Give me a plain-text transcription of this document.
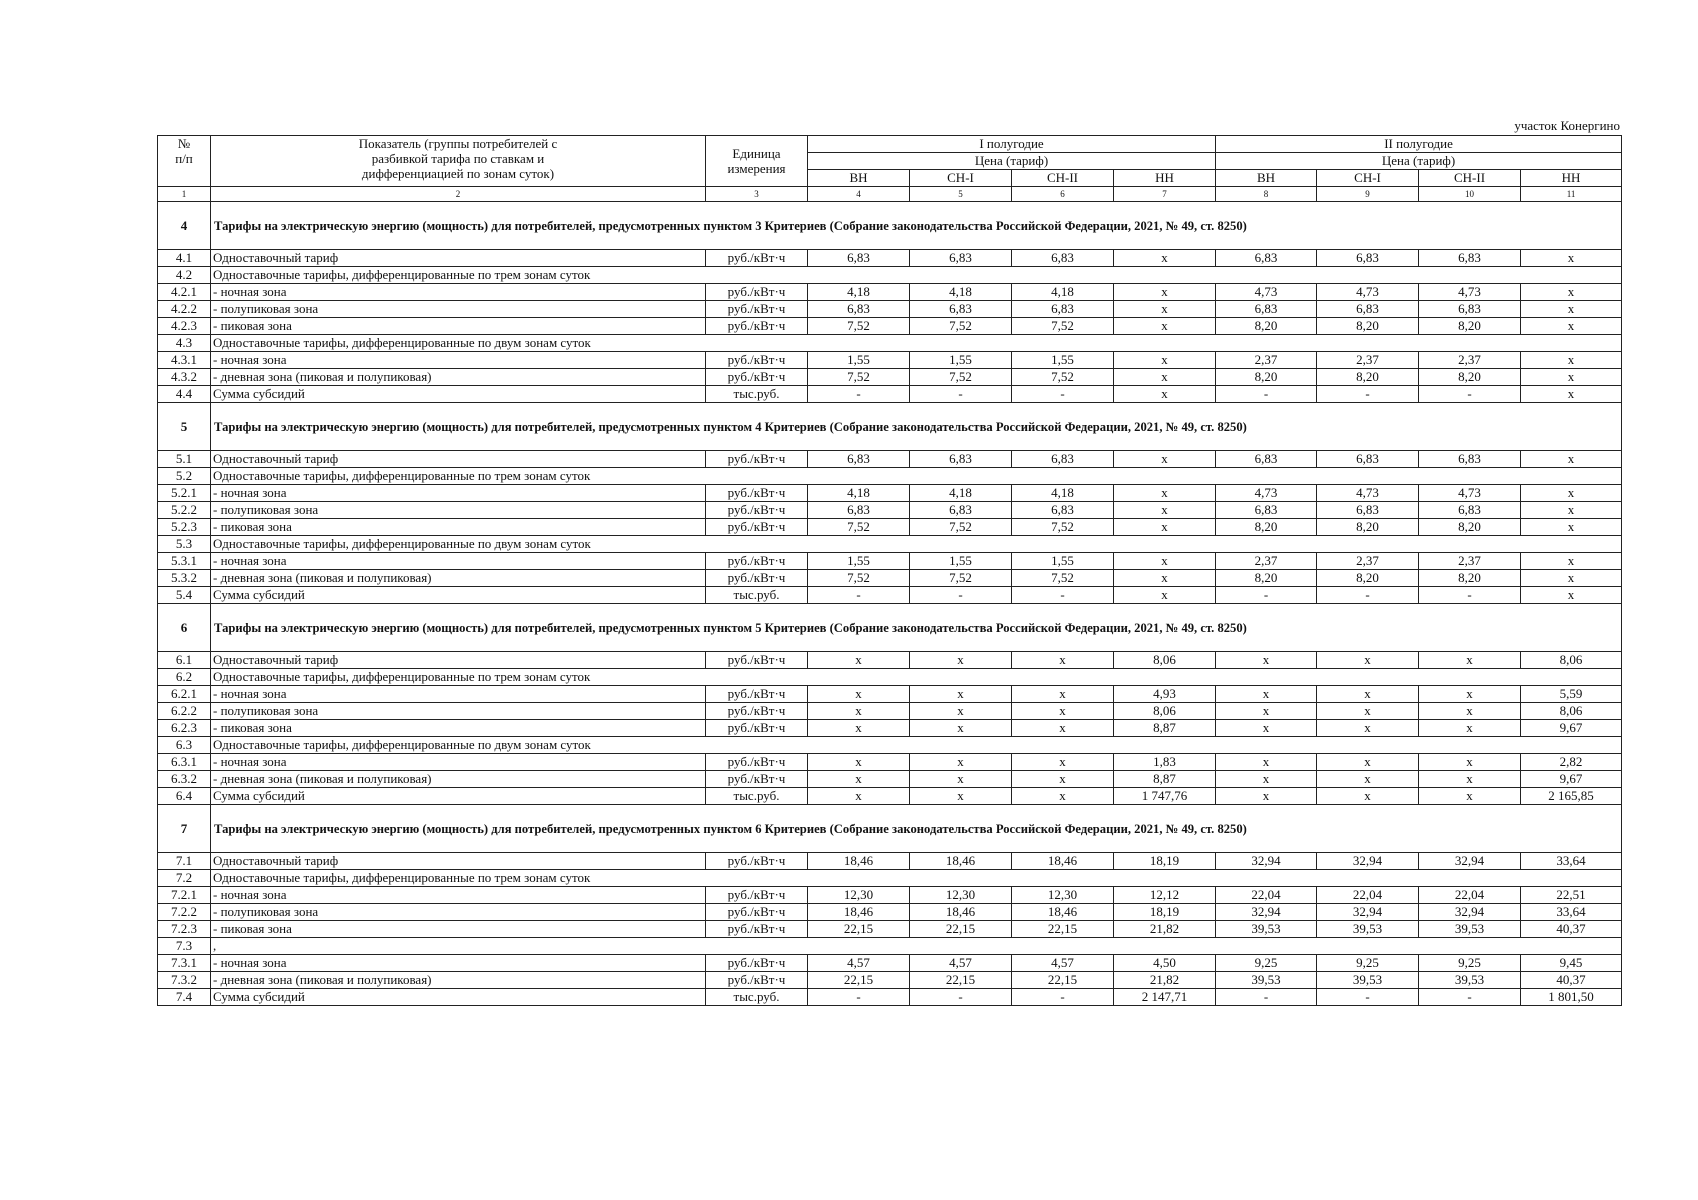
участок Конергино
№
п/п	Показатель (группы потребителей с
разбивкой тарифа по ставкам и
дифференциацией по зонам суток)	Единица
измерения	I полугодие				II полугодие			
			Цена (тариф)				Цена (тариф)			
			ВН	СН-I	СН-II	НН	ВН	СН-I	СН-II	НН
1	2	3	4	5	6	7	8	9	10	11
4	Тарифы на электрическую энергию (мощность) для потребителей, предусмотренных пунктом 3 Критериев (Собрание законодательства Российской Федерации, 2021, № 49, ст. 8250)									
4.1	Одноставочный тариф	руб./кВт·ч	6,83	6,83	6,83	x	6,83	6,83	6,83	x
4.2	Одноставочные тарифы, дифференцированные по трем зонам суток									
4.2.1	- ночная зона	руб./кВт·ч	4,18	4,18	4,18	x	4,73	4,73	4,73	x
4.2.2	- полупиковая зона	руб./кВт·ч	6,83	6,83	6,83	x	6,83	6,83	6,83	x
4.2.3	- пиковая зона	руб./кВт·ч	7,52	7,52	7,52	x	8,20	8,20	8,20	x
4.3	Одноставочные тарифы, дифференцированные по двум зонам суток									
4.3.1	- ночная зона	руб./кВт·ч	1,55	1,55	1,55	x	2,37	2,37	2,37	x
4.3.2	- дневная зона (пиковая и полупиковая)	руб./кВт·ч	7,52	7,52	7,52	x	8,20	8,20	8,20	x
4.4	Сумма субсидий	тыс.руб.	-	-	-	x	-	-	-	x
5	Тарифы на электрическую энергию (мощность) для потребителей, предусмотренных пунктом 4 Критериев (Собрание законодательства Российской Федерации, 2021, № 49, ст. 8250)									
5.1	Одноставочный тариф	руб./кВт·ч	6,83	6,83	6,83	x	6,83	6,83	6,83	x
5.2	Одноставочные тарифы, дифференцированные по трем зонам суток									
5.2.1	- ночная зона	руб./кВт·ч	4,18	4,18	4,18	x	4,73	4,73	4,73	x
5.2.2	- полупиковая зона	руб./кВт·ч	6,83	6,83	6,83	x	6,83	6,83	6,83	x
5.2.3	- пиковая зона	руб./кВт·ч	7,52	7,52	7,52	x	8,20	8,20	8,20	x
5.3	Одноставочные тарифы, дифференцированные по двум зонам суток									
5.3.1	- ночная зона	руб./кВт·ч	1,55	1,55	1,55	x	2,37	2,37	2,37	x
5.3.2	- дневная зона (пиковая и полупиковая)	руб./кВт·ч	7,52	7,52	7,52	x	8,20	8,20	8,20	x
5.4	Сумма субсидий	тыс.руб.	-	-	-	x	-	-	-	x
6	Тарифы на электрическую энергию (мощность) для потребителей, предусмотренных пунктом 5 Критериев (Собрание законодательства Российской Федерации, 2021, № 49, ст. 8250)									
6.1	Одноставочный тариф	руб./кВт·ч	x	x	x	8,06	x	x	x	8,06
6.2	Одноставочные тарифы, дифференцированные по трем зонам суток									
6.2.1	- ночная зона	руб./кВт·ч	x	x	x	4,93	x	x	x	5,59
6.2.2	- полупиковая зона	руб./кВт·ч	x	x	x	8,06	x	x	x	8,06
6.2.3	- пиковая зона	руб./кВт·ч	x	x	x	8,87	x	x	x	9,67
6.3	Одноставочные тарифы, дифференцированные по двум зонам суток									
6.3.1	- ночная зона	руб./кВт·ч	x	x	x	1,83	x	x	x	2,82
6.3.2	- дневная зона (пиковая и полупиковая)	руб./кВт·ч	x	x	x	8,87	x	x	x	9,67
6.4	Сумма субсидий	тыс.руб.	x	x	x	1 747,76	x	x	x	2 165,85
7	Тарифы на электрическую энергию (мощность) для потребителей, предусмотренных пунктом 6 Критериев (Собрание законодательства Российской Федерации, 2021, № 49, ст. 8250)									
7.1	Одноставочный тариф	руб./кВт·ч	18,46	18,46	18,46	18,19	32,94	32,94	32,94	33,64
7.2	Одноставочные тарифы, дифференцированные по трем зонам суток									
7.2.1	- ночная зона	руб./кВт·ч	12,30	12,30	12,30	12,12	22,04	22,04	22,04	22,51
7.2.2	- полупиковая зона	руб./кВт·ч	18,46	18,46	18,46	18,19	32,94	32,94	32,94	33,64
7.2.3	- пиковая зона	руб./кВт·ч	22,15	22,15	22,15	21,82	39,53	39,53	39,53	40,37
7.3	,									
7.3.1	- ночная зона	руб./кВт·ч	4,57	4,57	4,57	4,50	9,25	9,25	9,25	9,45
7.3.2	- дневная зона (пиковая и полупиковая)	руб./кВт·ч	22,15	22,15	22,15	21,82	39,53	39,53	39,53	40,37
7.4	Сумма субсидий	тыс.руб.	-	-	-	2 147,71	-	-	-	1 801,50
